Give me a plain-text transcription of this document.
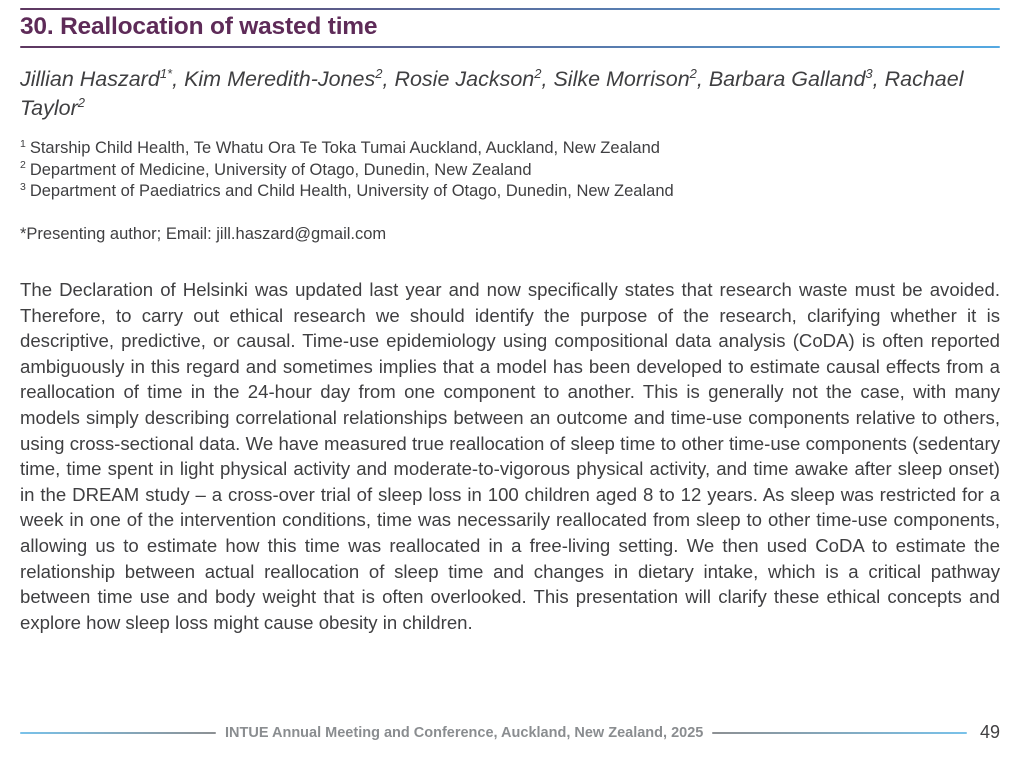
30. Reallocation of wasted time
Jillian Haszard$^{1*}$, Kim Meredith-Jones$^2$, Rosie Jackson$^2$, Silke Morrison$^2$, Barbara Galland$^3$, Rachael Taylor$^2$
$^1$ Starship Child Health, Te Whatu Ora Te Toka Tumai Auckland, Auckland, New Zealand
$^2$ Department of Medicine, University of Otago, Dunedin, New Zealand
$^3$ Department of Paediatrics and Child Health, University of Otago, Dunedin, New Zealand
*Presenting author; Email: jill.haszard@gmail.com

The Declaration of Helsinki was updated last year and now specifically states that research waste must be avoided. Therefore, to carry out ethical research we should identify the purpose of the research, clarifying whether it is descriptive, predictive, or causal. Time-use epidemiology using compositional data analysis (CoDA) is often reported ambiguously in this regard and sometimes implies that a model has been developed to estimate causal effects from a reallocation of time in the 24-hour day from one component to another. This is generally not the case, with many models simply describing correlational relationships between an outcome and time-use components relative to others, using cross-sectional data. We have measured true reallocation of sleep time to other time-use components (sedentary time, time spent in light physical activity and moderate-to-vigorous physical activity, and time awake after sleep onset) in the DREAM study – a cross-over trial of sleep loss in 100 children aged 8 to 12 years. As sleep was restricted for a week in one of the intervention conditions, time was necessarily reallocated from sleep to other time-use components, allowing us to estimate how this time was reallocated in a free-living setting. We then used CoDA to estimate the relationship between actual reallocation of sleep time and changes in dietary intake, which is a critical pathway between time use and body weight that is often overlooked. This presentation will clarify these ethical concepts and explore how sleep loss might cause obesity in children.

INTUE Annual Meeting and Conference, Auckland, New Zealand, 2025	49
